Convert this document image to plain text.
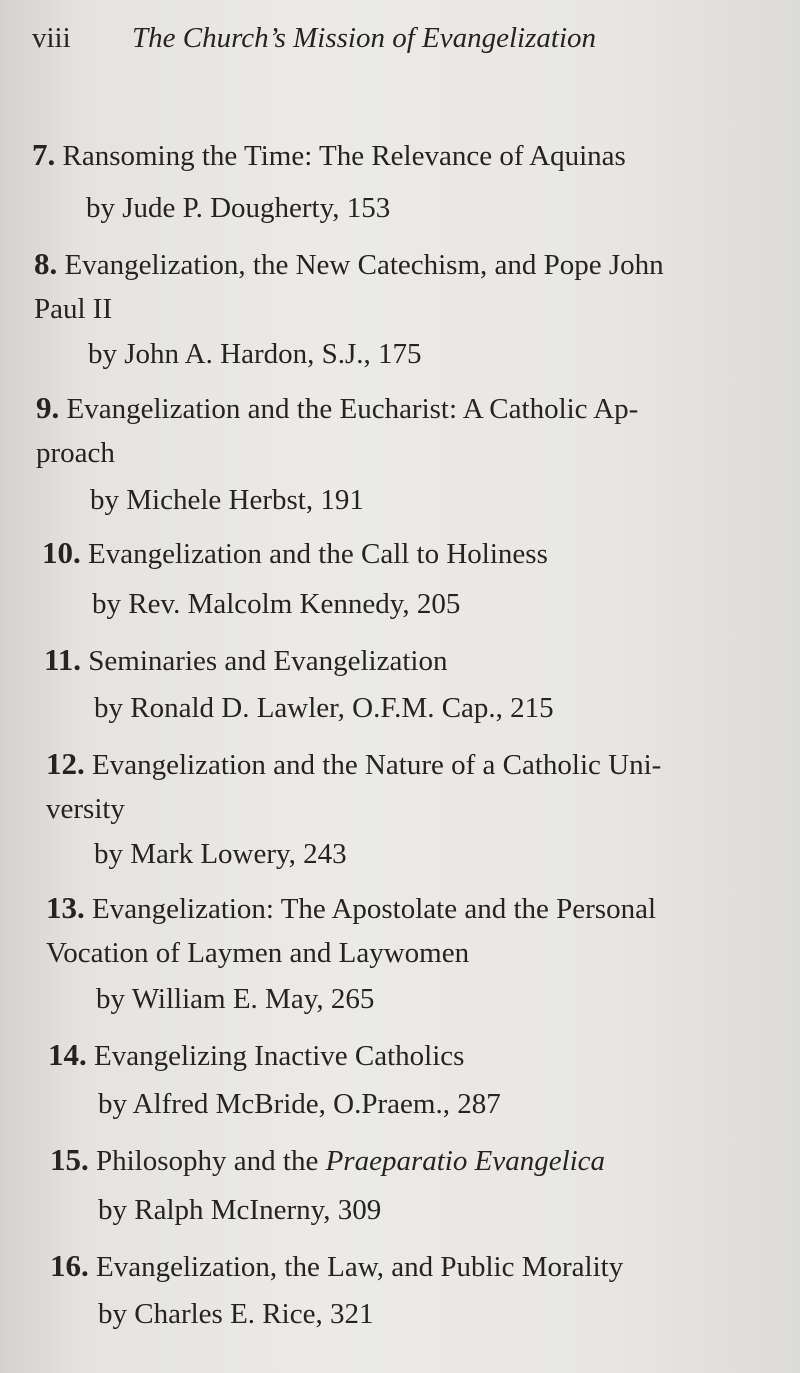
viii The Church’s Mission of Evangelization
7. Ransoming the Time: The Relevance of Aquinas
by Jude P. Dougherty, 153
8. Evangelization, the New Catechism, and Pope John
Paul II
by John A. Hardon, S.J., 175
9. Evangelization and the Eucharist: A Catholic Ap-
proach
by Michele Herbst, 191
10. Evangelization and the Call to Holiness
by Rev. Malcolm Kennedy, 205
11. Seminaries and Evangelization
by Ronald D. Lawler, O.F.M. Cap., 215
12. Evangelization and the Nature of a Catholic Uni-
versity
by Mark Lowery, 243
13. Evangelization: The Apostolate and the Personal
Vocation of Laymen and Laywomen
by William E. May, 265
14. Evangelizing Inactive Catholics
by Alfred McBride, O.Praem., 287
15. Philosophy and the Praeparatio Evangelica
by Ralph McInerny, 309
16. Evangelization, the Law, and Public Morality
by Charles E. Rice, 321
